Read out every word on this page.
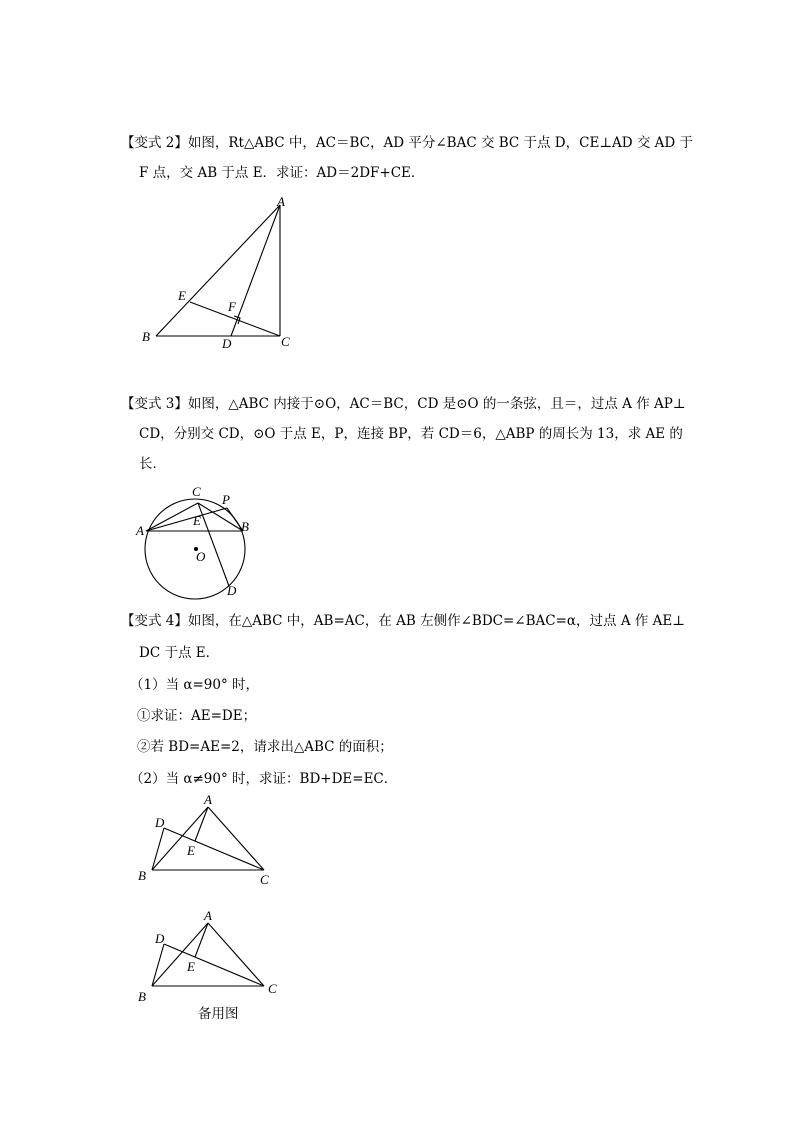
【变式 2】如图，Rt△ABC 中，AC＝BC，AD 平分∠BAC 交 BC 于点 D，CE⊥AD 交 AD 于
F 点，交 AB 于点 E．求证：AD＝2DF+CE．
A
B	C
D
E
F
【变式 3】如图，△ABC 内接于⊙O，AC＝BC，CD 是⊙O 的一条弦，且＝，过点 A 作 AP⊥
CD，分别交 CD，⊙O 于点 E，P，连接 BP，若 CD＝6，△ABP 的周长为 13，求 AE 的
长．
C
P
A	B
E
O
D
【变式 4】如图，在△ABC 中，AB=AC，在 AB 左侧作∠BDC=∠BAC=α，过点 A 作 AE⊥
DC 于点 E．
（1）当 α=90° 时，
①求证：AE=DE；
②若 BD=AE=2，请求出△ABC 的面积；
（2）当 α≠90° 时，求证：BD+DE=EC．
A
D
E
B	C
A
D
E
B
C
备用图
